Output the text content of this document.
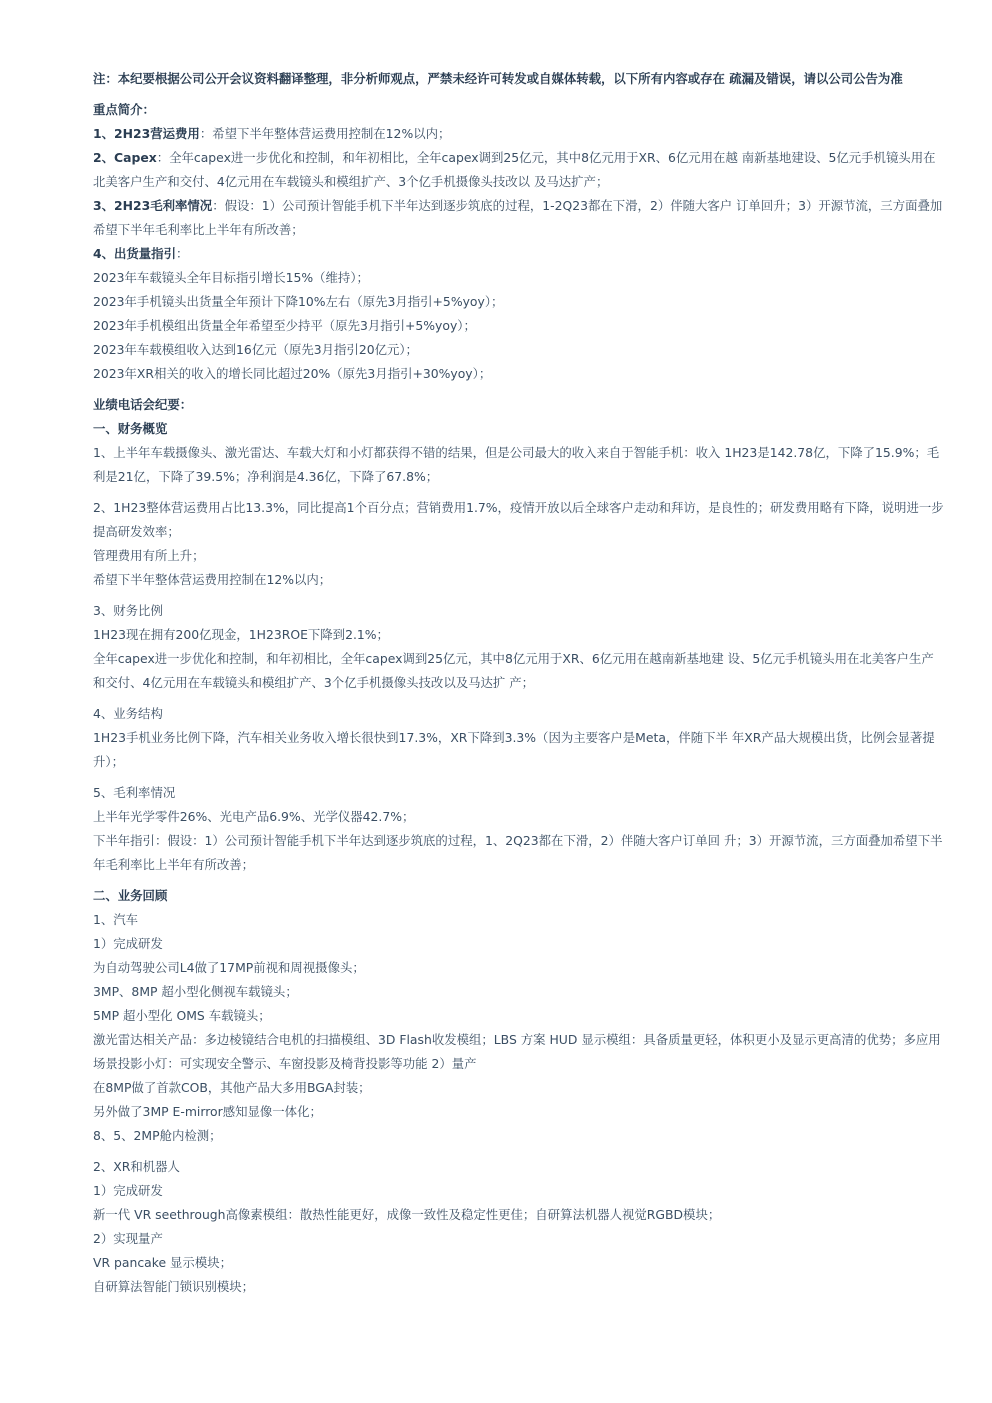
注：本纪要根据公司公开会议资料翻译整理，非分析师观点，严禁未经许可转发或自媒体转载，以下所有内容或存在 疏漏及错误，请以公司公告为准

重点简介：

1、2H23营运费用：希望下半年整体营运费用控制在12%以内；

2、Capex：全年capex进一步优化和控制，和年初相比，全年capex调到25亿元，其中8亿元用于XR、6亿元用在越 南新基地建设、5亿元手机镜头用在北美客户生产和交付、4亿元用在车载镜头和模组扩产、3个亿手机摄像头技改以 及马达扩产；

3、2H23毛利率情况：假设：1）公司预计智能手机下半年达到逐步筑底的过程，1-2Q23都在下滑，2）伴随大客户 订单回升；3）开源节流，三方面叠加希望下半年毛利率比上半年有所改善；

4、出货量指引：

2023年车载镜头全年目标指引增长15%（维持）；

2023年手机镜头出货量全年预计下降10%左右（原先3月指引+5%yoy）；

2023年手机模组出货量全年希望至少持平（原先3月指引+5%yoy）；

2023年车载模组收入达到16亿元（原先3月指引20亿元）；

2023年XR相关的收入的增长同比超过20%（原先3月指引+30%yoy）；

业绩电话会纪要：

一、财务概览

1、上半年车载摄像头、激光雷达、车载大灯和小灯都获得不错的结果，但是公司最大的收入来自于智能手机：收入 1H23是142.78亿，下降了15.9%；毛利是21亿，下降了39.5%；净利润是4.36亿，下降了67.8%；

2、1H23整体营运费用占比13.3%，同比提高1个百分点；营销费用1.7%，疫情开放以后全球客户走动和拜访，是良性的；研发费用略有下降，说明进一步提高研发效率；

管理费用有所上升；

希望下半年整体营运费用控制在12%以内；

3、财务比例

1H23现在拥有200亿现金，1H23ROE下降到2.1%；

全年capex进一步优化和控制，和年初相比，全年capex调到25亿元，其中8亿元用于XR、6亿元用在越南新基地建 设、5亿元手机镜头用在北美客户生产和交付、4亿元用在车载镜头和模组扩产、3个亿手机摄像头技改以及马达扩 产；

4、业务结构

1H23手机业务比例下降，汽车相关业务收入增长很快到17.3%，XR下降到3.3%（因为主要客户是Meta，伴随下半 年XR产品大规模出货，比例会显著提升）；

5、毛利率情况

上半年光学零件26%、光电产品6.9%、光学仪器42.7%；

下半年指引：假设：1）公司预计智能手机下半年达到逐步筑底的过程，1、2Q23都在下滑，2）伴随大客户订单回 升；3）开源节流，三方面叠加希望下半年毛利率比上半年有所改善；

二、业务回顾

1、汽车

1）完成研发

为自动驾驶公司L4做了17MP前视和周视摄像头；

3MP、8MP 超小型化侧视车载镜头；

5MP 超小型化 OMS 车载镜头；

激光雷达相关产品：多边棱镜结合电机的扫描模组、3D Flash收发模组；LBS 方案 HUD 显示模组：具备质量更轻，体积更小及显示更高清的优势；多应用场景投影小灯：可实现安全警示、车窗投影及椅背投影等功能 2）量产

在8MP做了首款COB，其他产品大多用BGA封装；

另外做了3MP E-mirror感知显像一体化；

8、5、2MP舱内检测；

2、XR和机器人

1）完成研发

新一代 VR seethrough高像素模组：散热性能更好，成像一致性及稳定性更佳；自研算法机器人视觉RGBD模块；

2）实现量产

VR pancake 显示模块；

自研算法智能门锁识别模块；
